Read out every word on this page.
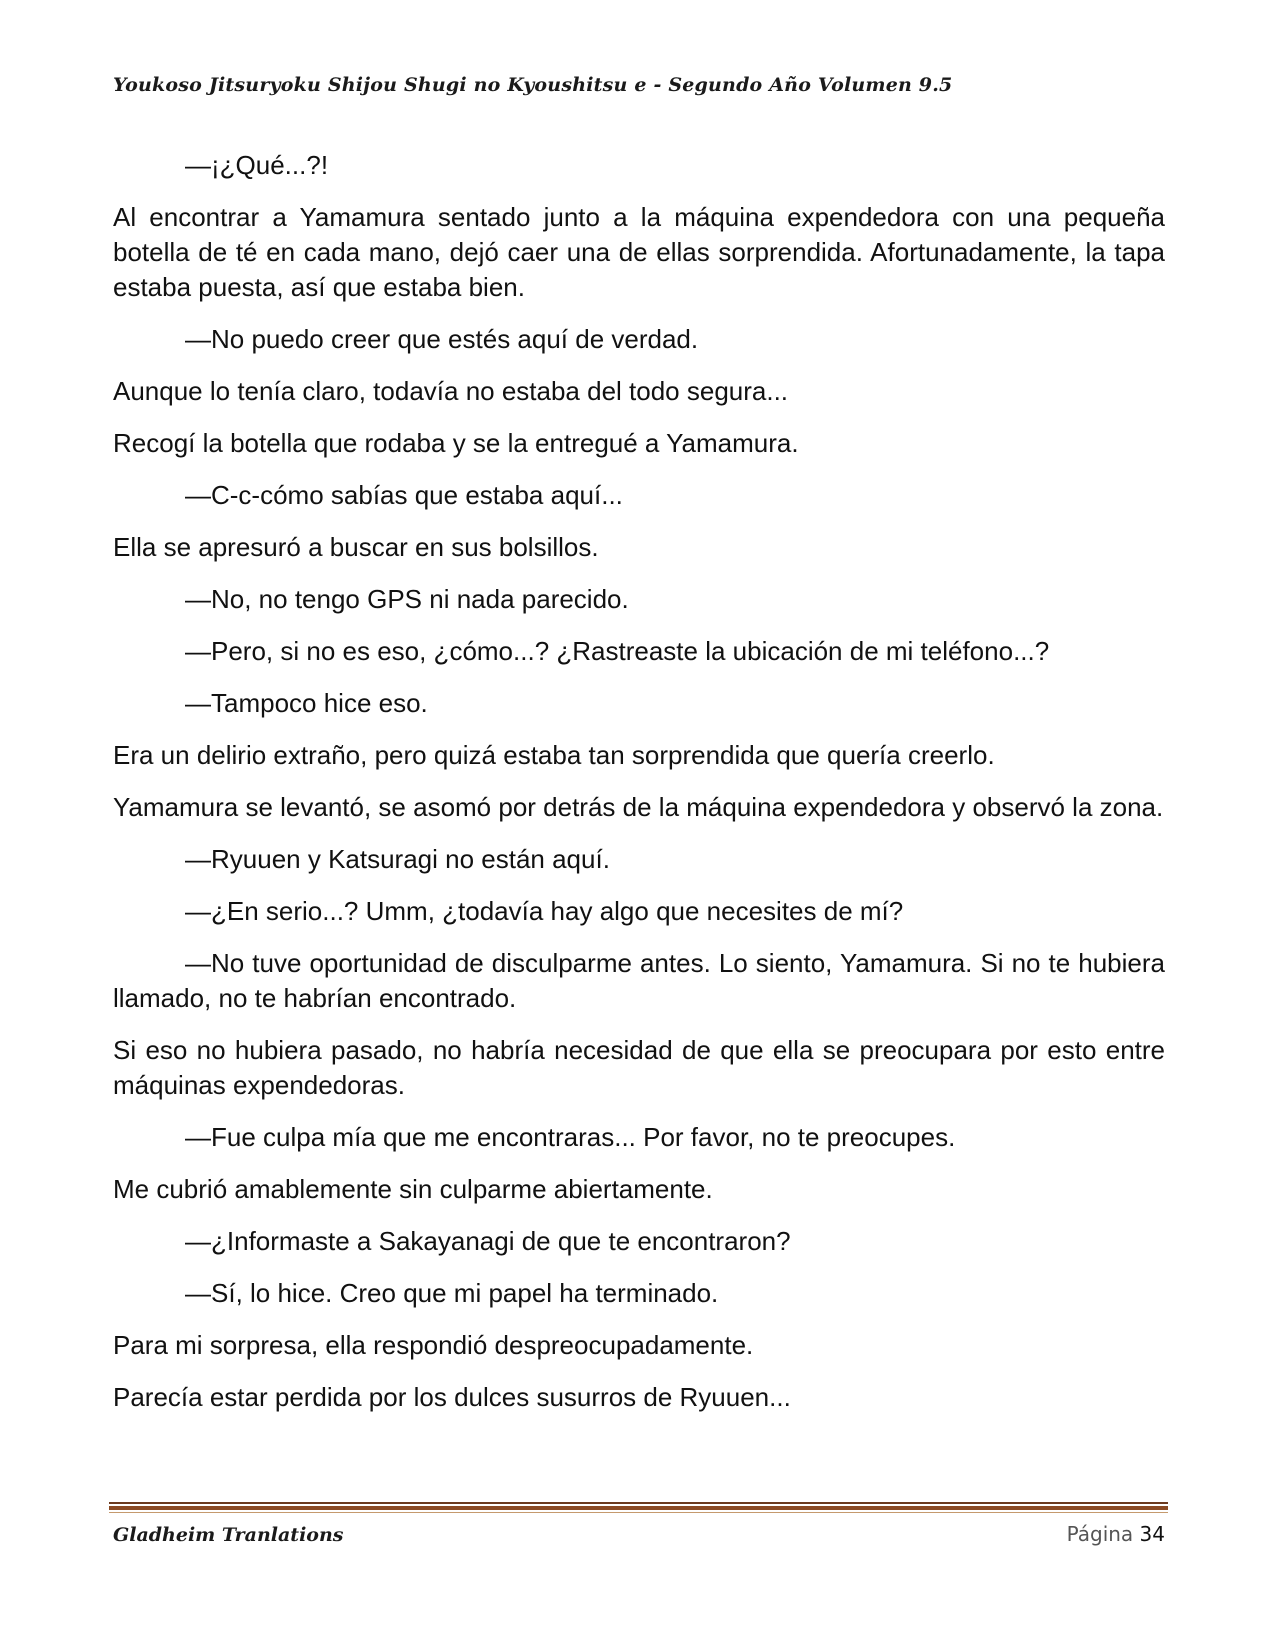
Youkoso Jitsuryoku Shijou Shugi no Kyoushitsu e - Segundo Año Volumen 9.5

—¡¿Qué...?!

Al encontrar a Yamamura sentado junto a la máquina expendedora con una pequeña botella de té en cada mano, dejó caer una de ellas sorprendida. Afortunadamente, la tapa estaba puesta, así que estaba bien.

—No puedo creer que estés aquí de verdad.

Aunque lo tenía claro, todavía no estaba del todo segura...

Recogí la botella que rodaba y se la entregué a Yamamura.

—C-c-cómo sabías que estaba aquí...

Ella se apresuró a buscar en sus bolsillos.

—No, no tengo GPS ni nada parecido.

—Pero, si no es eso, ¿cómo...? ¿Rastreaste la ubicación de mi teléfono...?

—Tampoco hice eso.

Era un delirio extraño, pero quizá estaba tan sorprendida que quería creerlo.

Yamamura se levantó, se asomó por detrás de la máquina expendedora y observó la zona.

—Ryuuen y Katsuragi no están aquí.

—¿En serio...? Umm, ¿todavía hay algo que necesites de mí?

—No tuve oportunidad de disculparme antes. Lo siento, Yamamura. Si no te hubiera llamado, no te habrían encontrado.

Si eso no hubiera pasado, no habría necesidad de que ella se preocupara por esto entre máquinas expendedoras.

—Fue culpa mía que me encontraras... Por favor, no te preocupes.

Me cubrió amablemente sin culparme abiertamente.

—¿Informaste a Sakayanagi de que te encontraron?

—Sí, lo hice. Creo que mi papel ha terminado.

Para mi sorpresa, ella respondió despreocupadamente.

Parecía estar perdida por los dulces susurros de Ryuuen...

Gladheim Tranlations	Página 34
